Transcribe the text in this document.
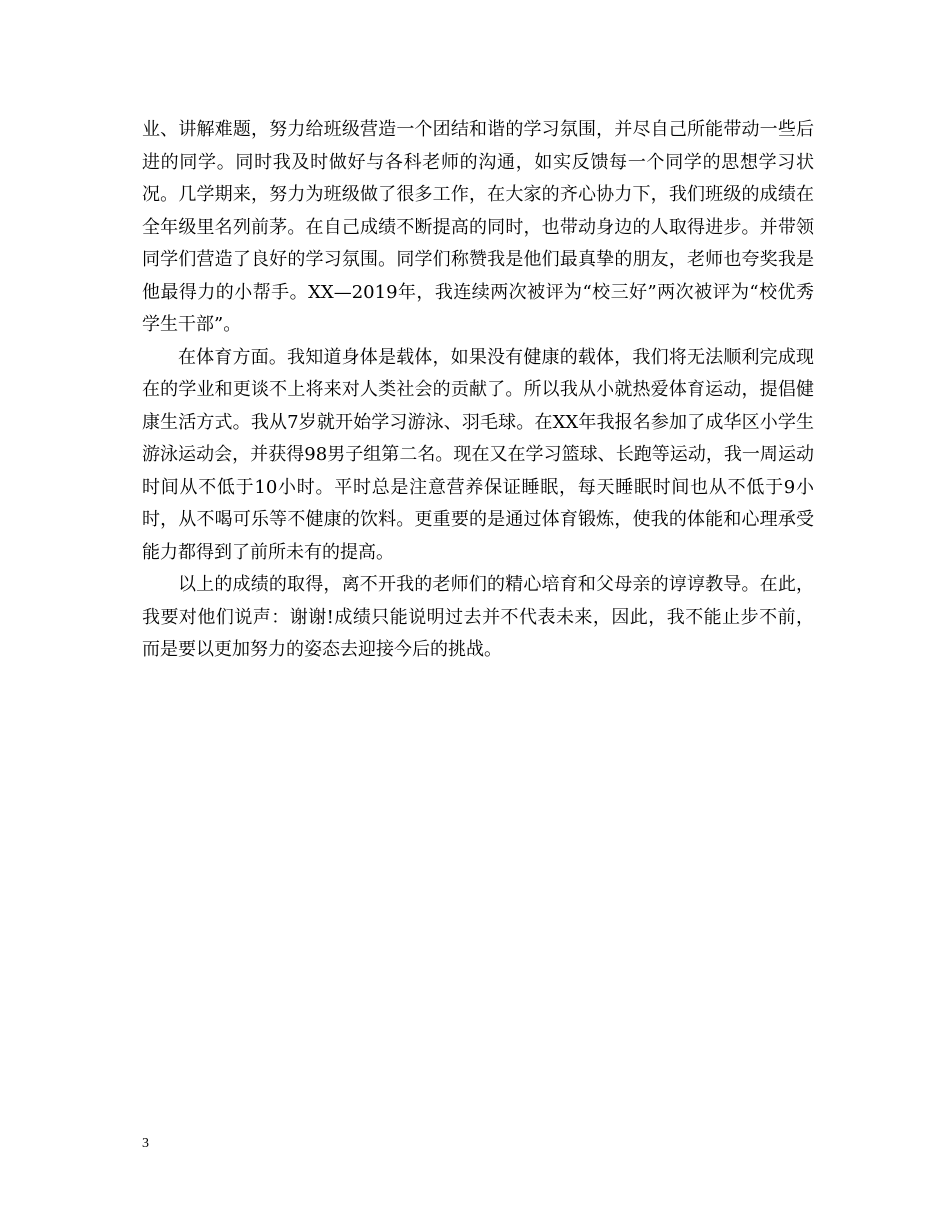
业、讲解难题，努力给班级营造一个团结和谐的学习氛围，并尽自己所能带动一些后进的同学。同时我及时做好与各科老师的沟通，如实反馈每一个同学的思想学习状况。几学期来，努力为班级做了很多工作，在大家的齐心协力下，我们班级的成绩在全年级里名列前茅。在自己成绩不断提高的同时，也带动身边的人取得进步。并带领同学们营造了良好的学习氛围。同学们称赞我是他们最真挚的朋友，老师也夸奖我是他最得力的小帮手。XX—2019年，我连续两次被评为“校三好”两次被评为“校优秀学生干部”。

在体育方面。我知道身体是载体，如果没有健康的载体，我们将无法顺利完成现在的学业和更谈不上将来对人类社会的贡献了。所以我从小就热爱体育运动，提倡健康生活方式。我从7岁就开始学习游泳、羽毛球。在XX年我报名参加了成华区小学生游泳运动会，并获得98男子组第二名。现在又在学习篮球、长跑等运动，我一周运动时间从不低于10小时。平时总是注意营养保证睡眠，每天睡眠时间也从不低于9小时，从不喝可乐等不健康的饮料。更重要的是通过体育锻炼，使我的体能和心理承受能力都得到了前所未有的提高。

以上的成绩的取得，离不开我的老师们的精心培育和父母亲的谆谆教导。在此，我要对他们说声：谢谢!成绩只能说明过去并不代表未来，因此，我不能止步不前，而是要以更加努力的姿态去迎接今后的挑战。

3
